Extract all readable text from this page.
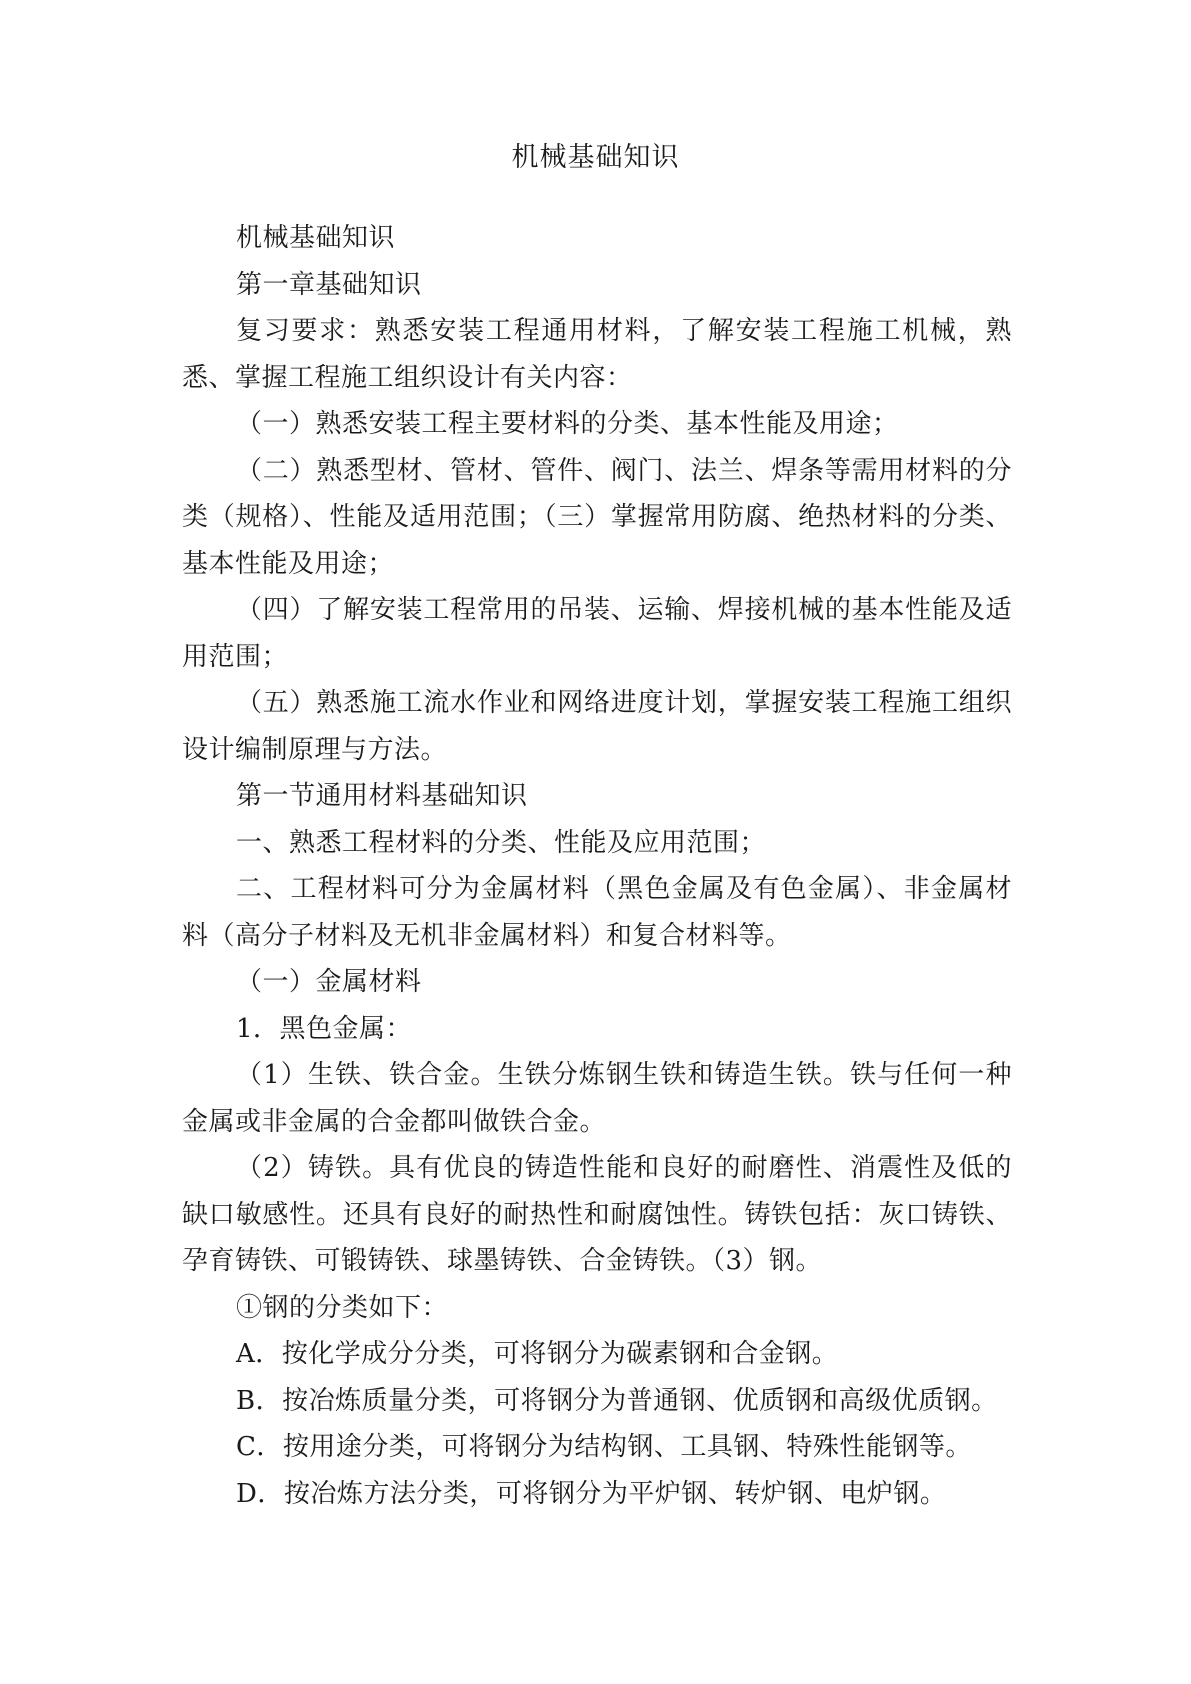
机械基础知识

机械基础知识

第一章基础知识

复习要求：熟悉安装工程通用材料，了解安装工程施工机械，熟悉、掌握工程施工组织设计有关内容：

（一）熟悉安装工程主要材料的分类、基本性能及用途；

（二）熟悉型材、管材、管件、阀门、法兰、焊条等需用材料的分类（规格）、性能及适用范围；（三）掌握常用防腐、绝热材料的分类、基本性能及用途；

（四）了解安装工程常用的吊装、运输、焊接机械的基本性能及适用范围；

（五）熟悉施工流水作业和网络进度计划，掌握安装工程施工组织设计编制原理与方法。

第一节通用材料基础知识

一、熟悉工程材料的分类、性能及应用范围；

二、工程材料可分为金属材料（黑色金属及有色金属）、非金属材料（高分子材料及无机非金属材料）和复合材料等。

（一）金属材料

1．黑色金属：

（1）生铁、铁合金。生铁分炼钢生铁和铸造生铁。铁与任何一种金属或非金属的合金都叫做铁合金。

（2）铸铁。具有优良的铸造性能和良好的耐磨性、消震性及低的缺口敏感性。还具有良好的耐热性和耐腐蚀性。铸铁包括：灰口铸铁、孕育铸铁、可锻铸铁、球墨铸铁、合金铸铁。（3）钢。

①钢的分类如下：

A．按化学成分分类，可将钢分为碳素钢和合金钢。

B．按冶炼质量分类，可将钢分为普通钢、优质钢和高级优质钢。

C．按用途分类，可将钢分为结构钢、工具钢、特殊性能钢等。

D．按冶炼方法分类，可将钢分为平炉钢、转炉钢、电炉钢。
